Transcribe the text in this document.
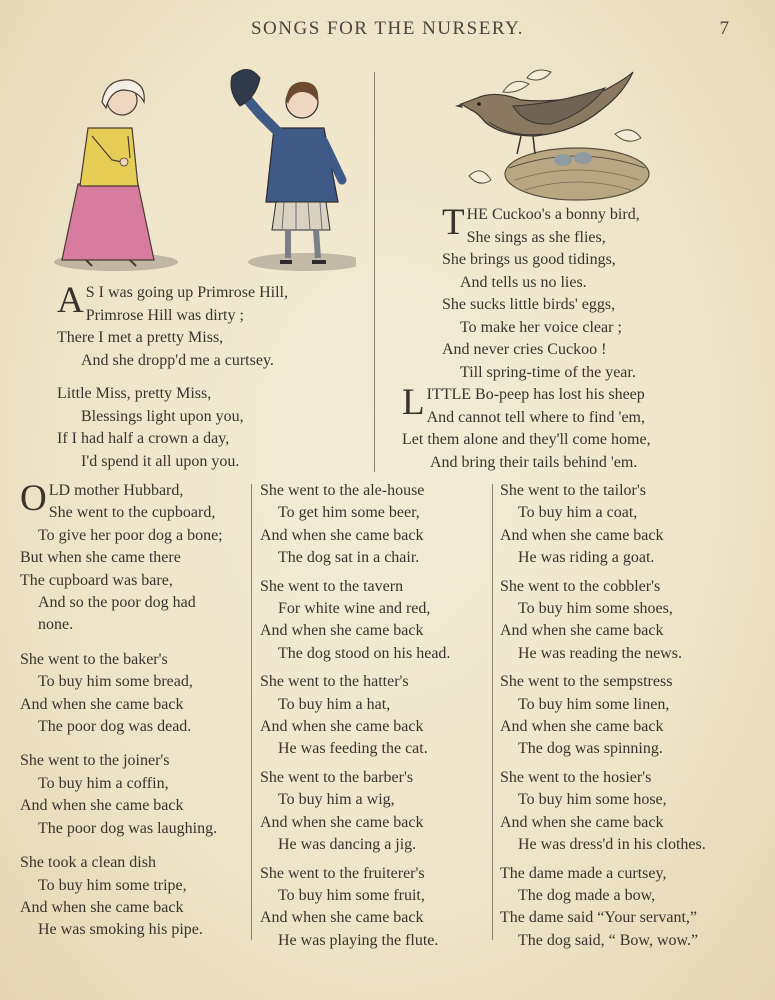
SONGS FOR THE NURSERY.	7
A S I was going up Primrose Hill,
Primrose Hill was dirty ;
There I met a pretty Miss,
And she dropp'd me a curtsey.
Little Miss, pretty Miss,
Blessings light upon you,
If I had half a crown a day,
I'd spend it all upon you.
T HE Cuckoo's a bonny bird,
She sings as she flies,
She brings us good tidings,
And tells us no lies.
She sucks little birds' eggs,
To make her voice clear ;
And never cries Cuckoo !
Till spring-time of the year.
L ITTLE Bo-peep has lost his sheep
And cannot tell where to find 'em,
Let them alone and they'll come home,
And bring their tails behind 'em.
O LD mother Hubbard,
She went to the cupboard,
To give her poor dog a bone;
But when she came there
The cupboard was bare,
And so the poor dog had
none.
She went to the baker's
To buy him some bread,
And when she came back
The poor dog was dead.
She went to the joiner's
To buy him a coffin,
And when she came back
The poor dog was laughing.
She took a clean dish
To buy him some tripe,
And when she came back
He was smoking his pipe.
She went to the ale-house
To get him some beer,
And when she came back
The dog sat in a chair.
She went to the tavern
For white wine and red,
And when she came back
The dog stood on his head.
She went to the hatter's
To buy him a hat,
And when she came back
He was feeding the cat.
She went to the barber's
To buy him a wig,
And when she came back
He was dancing a jig.
She went to the fruiterer's
To buy him some fruit,
And when she came back
He was playing the flute.
She went to the tailor's
To buy him a coat,
And when she came back
He was riding a goat.
She went to the cobbler's
To buy him some shoes,
And when she came back
He was reading the news.
She went to the sempstress
To buy him some linen,
And when she came back
The dog was spinning.
She went to the hosier's
To buy him some hose,
And when she came back
He was dress'd in his clothes.
The dame made a curtsey,
The dog made a bow,
The dame said “Your servant,”
The dog said, “ Bow, wow.”
